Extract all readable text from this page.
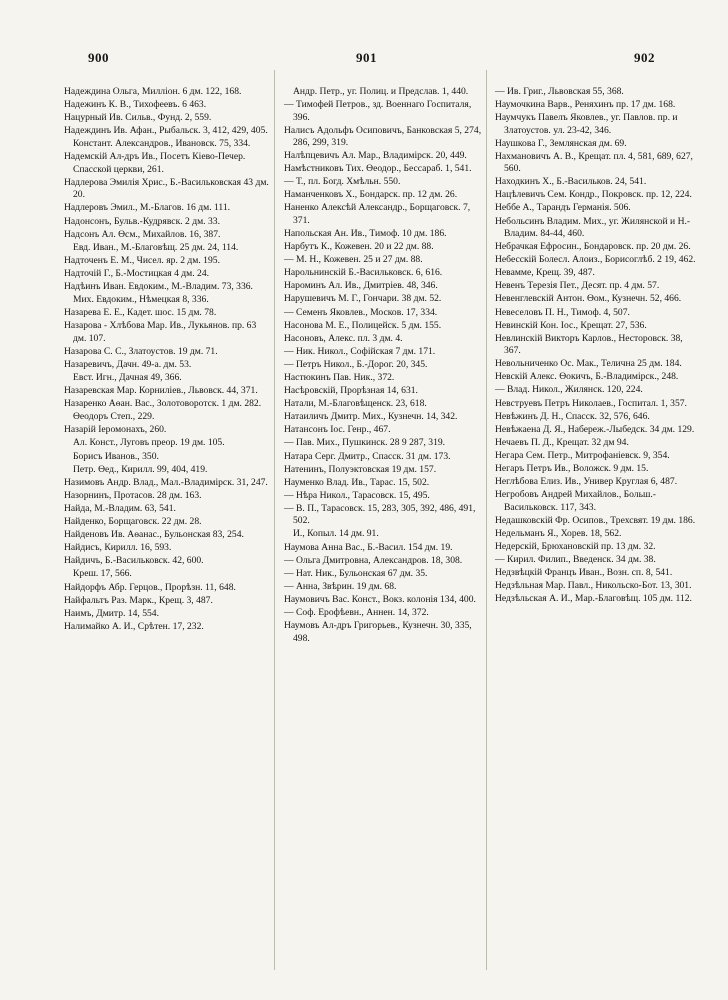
900	901	902
Надеждина Ольга, Миллiон. 6 дм. 122, 168.
Надежинъ К. В., Тихофеевъ. 6 463.
Нацурный Ив. Сильв., Фунд. 2, 559.
Надеждинъ Ив. Афан., Рыбальск. 3, 412, 429, 405.
Констант. Александров., Ивановск. 75, 334.
Надемскiй Ал-дръ Ив., Посетъ Кiево-Печер. Спасской церкви, 261.
Надлерова Эмилiя Хрис., Б.-Васильковская 43 дм. 20.
Надлеровъ Эмил., М.-Благов. 16 дм. 111.
Надонсонъ, Бульв.-Кудрявск. 2 дм. 33.
Надсонъ Ал. Ѳсм., Михайлов. 16, 387.
Евд. Иван., М.-Благовѣщ. 25 дм. 24, 114.
Надточенъ Е. М., Чисел. яр. 2 дм. 195.
Надточiй Г., Б.-Мостицкая 4 дм. 24.
Надѣинъ Иван. Евдоким., М.-Владим. 73, 336.
Мих. Евдоким., Нѣмецкая 8, 336.
Назарева Е. Е., Кадет. шос. 15 дм. 78.
Назарова - Хлѣбова Мар. Ив., Лукьянов. пр. 63 дм. 107.
Назарова С. С., Златоустов. 19 дм. 71.
Назаревичъ, Дачн. 49-а. дм. 53.
Евст. Игн., Дачная 49, 366.
Назаревская Мар. Корнилiев., Львовск. 44, 371.
Назаренко Аѳан. Вас., Золотоворотск. 1 дм. 282.
Ѳеодоръ Степ., 229.
Назарiй Iеромонахъ, 260.
Ал. Конст., Луговъ преор. 19 дм. 105.
Борисъ Иванов., 350.
Петр. Ѳед., Кирилл. 99, 404, 419.
Назимовъ Андр. Влад., Мал.-Владимiрск. 31, 247.
Назорнинъ, Протасов. 28 дм. 163.
Найда, М.-Владим. 63, 541.
Найденко, Борщаговск. 22 дм. 28.
Найденовъ Ив. Аѳанас., Бульонская 83, 254.
Найдисъ, Кирилл. 16, 593.
Найдичъ, Б.-Васильковск. 42, 600.
Креш. 17, 566.
Найдорфъ Абр. Герцов., Прорѣзн. 11, 648.
Найфальтъ Раз. Марк., Крещ. 3, 487.
Наимъ, Дмитр. 14, 554.
Налимайко А. И., Срѣтен. 17, 232.
Андр. Петр., уг. Полиц. и Предслав. 1, 440.
— Тимофей Петров., зд. Военнаго Госпиталя, 396.
Налисъ Адольфъ Осиповичъ, Банковская 5, 274, 286, 299, 319.
Налѣпцевичъ Ал. Мар., Владимiрск. 20, 449.
Намѣстниковъ Тих. Ѳеодор., Бессараб. 1, 541.
— Т., пл. Богд. Хмѣльн. 550.
Наманченковъ Х., Бондарск. пр. 12 дм. 26.
Наненко Алексѣй Александр., Борщаговск. 7, 371.
Напольская Ан. Ив., Тимоф. 10 дм. 186.
Нарбутъ К., Кожевен. 20 и 22 дм. 88.
— М. Н., Кожевен. 25 и 27 дм. 88.
Нарольнинскiй Б.-Васильковск. 6, 616.
Нароминъ Ал. Ив., Дмитрiев. 48, 346.
Нарушевичъ М. Г., Гончари. 38 дм. 52.
— Семенъ Яковлев., Москов. 17, 334.
Насонова М. Е., Полицейск. 5 дм. 155.
Насоновъ, Алекс. пл. 3 дм. 4.
— Ник. Никол., Софiйская 7 дм. 171.
— Петръ Никол., Б.-Дорог. 20, 345.
Настюкинъ Пав. Ник., 372.
Насѣровскiй, Прорѣзная 14, 631.
Натали, М.-Благовѣщенск. 23, 618.
Натаиличъ Дмитр. Мих., Кузнечн. 14, 342.
Натансонъ Iос. Генр., 467.
— Пав. Мих., Пушкинск. 28 9 287, 319.
Натара Серг. Дмитр., Спасск. 31 дм. 173.
Натенинъ, Полуэктовская 19 дм. 157.
Науменко Влад. Ив., Тарас. 15, 502.
— Нѣра Никол., Тарасовск. 15, 495.
— В. П., Тарасовск. 15, 283, 305, 392, 486, 491, 502.
И., Копыл. 14 дм. 91.
Наумова Анна Вас., Б.-Васил. 154 дм. 19.
— Ольга Дмитровна, Александров. 18, 308.
— Нат. Ник., Бульонская 67 дм. 35.
— Анна, Звѣрин. 19 дм. 68.
Наумовичъ Вас. Конст., Вокз. колонiя 134, 400.
— Соф. Ерофѣевн., Аннен. 14, 372.
Наумовъ Ал-дръ Григорьев., Кузнечн. 30, 335, 498.
— Ив. Григ., Львовская 55, 368.
Наумочкина Варв., Реняхинъ пр. 17 дм. 168.
Наумчукъ Павелъ Яковлев., уг. Павлов. пр. и Златоустов. ул. 23-42, 346.
Наушкова Г., Землянская дм. 69.
Нахмановичъ А. В., Крещат. пл. 4, 581, 689, 627, 560.
Находкинъ Х., Б.-Васильков. 24, 541.
Нацѣлевичъ Сем. Кондр., Покровск. пр. 12, 224.
Неббе А., Тарандъ Германiя. 506.
Небольсинъ Владим. Мих., уг. Жилянской и Н.-Владим. 84-44, 460.
Небрачкая Ефросин., Бондаровск. пр. 20 дм. 26.
Небесскiй Болесл. Алоиз., Борисоглѣб. 2 19, 462.
Невамме, Крещ. 39, 487.
Невенъ Терезiя Пет., Десят. пр. 4 дм. 57.
Невенглевскiй Антон. Ѳом., Кузнечн. 52, 466.
Невеселовъ П. Н., Тимоф. 4, 507.
Невинскiй Кон. Iос., Крещат. 27, 536.
Невлинскiй Викторъ Карлов., Несторовск. 38, 367.
Невольниченко Ос. Мак., Телична 25 дм. 184.
Невскiй Алекс. Ѳокичъ, Б.-Владимiрск., 248.
— Влад. Никол., Жилянск. 120, 224.
Невструевъ Петръ Николаев., Госпитал. 1, 357.
Невѣжинъ Д. Н., Спасск. 32, 576, 646.
Невѣжаена Д. Я., Набереж.-Лыбедск. 34 дм. 129.
Нечаевъ П. Д., Крещат. 32 дм 94.
Негара Сем. Петр., Митрофанiевск. 9, 354.
Негаръ Петръ Ив., Воложск. 9 дм. 15.
Неглѣбова Елиз. Ив., Универ Круглая 6, 487.
Негробовъ Андрей Михайлов., Больш.-Васильковск. 117, 343.
Недашковскiй Фр. Осипов., Трехсвят. 19 дм. 186.
Недельманъ Я., Хорев. 18, 562.
Недерскiй, Брюхановскiй пр. 13 дм. 32.
— Кирил. Филип., Введенск. 34 дм. 38.
Недзвѣцкiй Францъ Иван., Возн. сп. 8, 541.
Недзѣльная Мар. Павл., Никольско-Бот. 13, 301.
Недзѣльская А. И., Мар.-Благовѣщ. 105 дм. 112.
